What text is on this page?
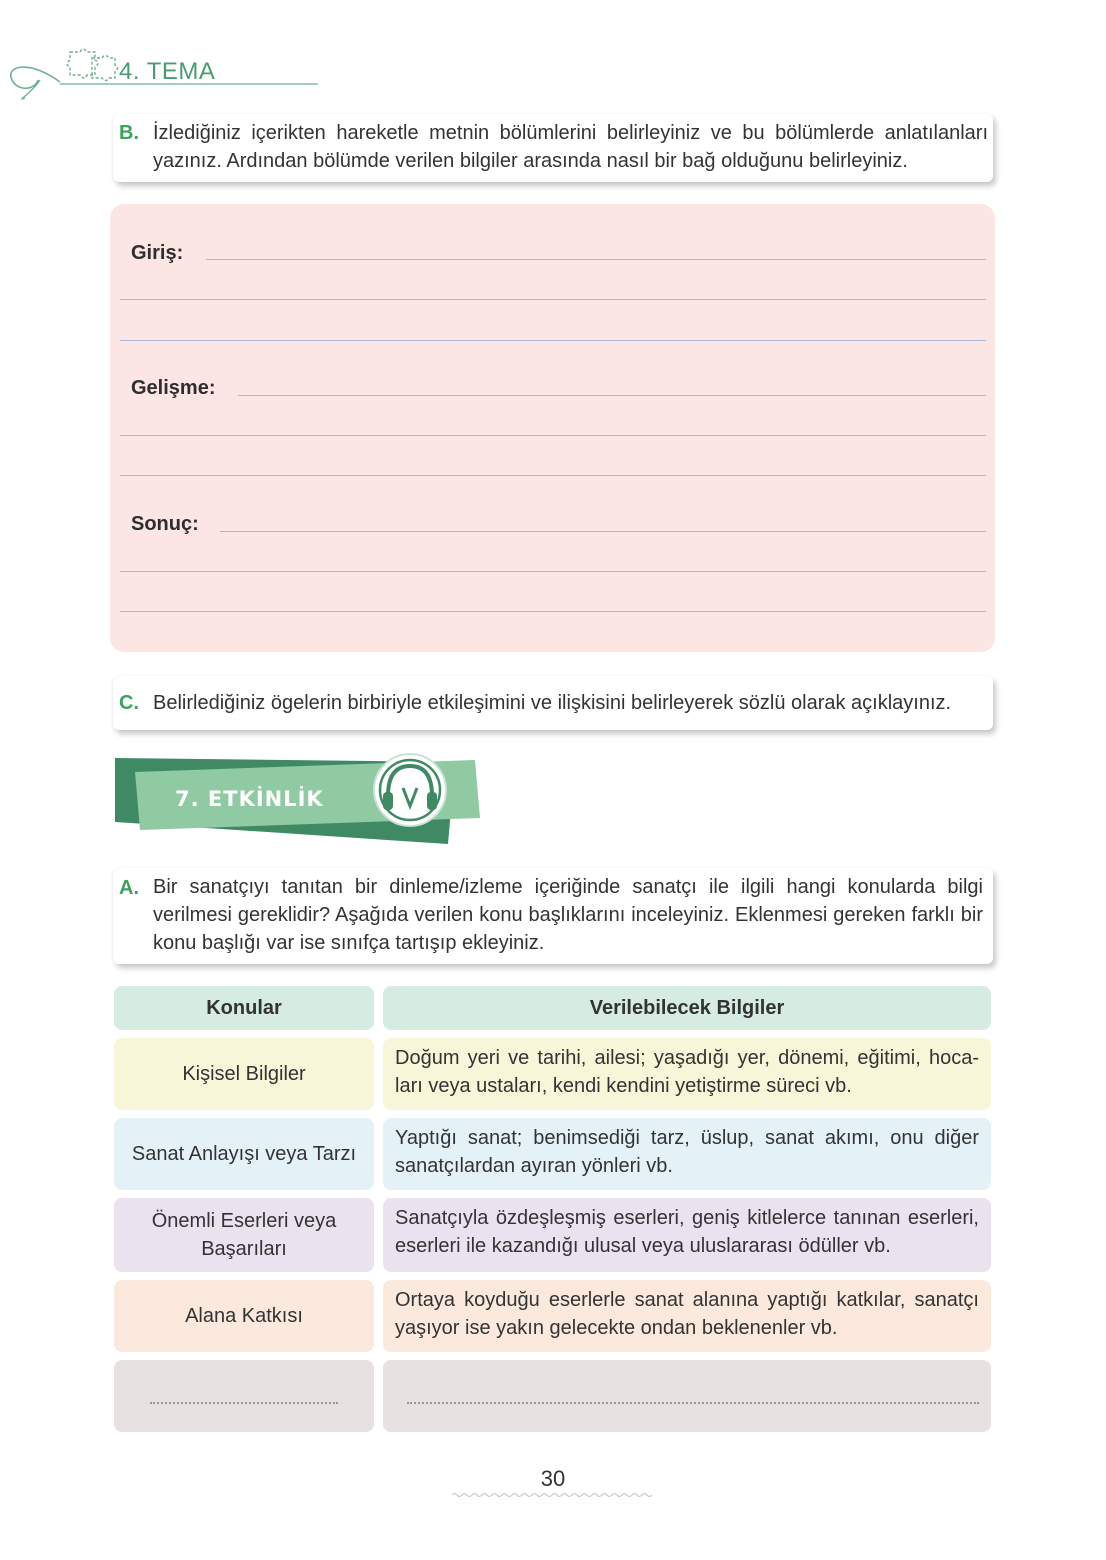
4. TEMA
B. İzlediğiniz içerikten hareketle metnin bölümlerini belirleyiniz ve bu bölümlerde anlatılanları yazınız. Ardından bölümde verilen bilgiler arasında nasıl bir bağ olduğunu belirleyiniz.
Giriş:
Gelişme:
Sonuç:
C. Belirlediğiniz ögelerin birbiriyle etkileşimini ve ilişkisini belirleyerek sözlü olarak açıklayınız.
7. ETKİNLİK
A. Bir sanatçıyı tanıtan bir dinleme/izleme içeriğinde sanatçı ile ilgili hangi konularda bilgi verilmesi gereklidir? Aşağıda verilen konu başlıklarını inceleyiniz. Eklenmesi gereken farklı bir konu başlığı var ise sınıfça tartışıp ekleyiniz.
Konular	Verilebilecek Bilgiler
Kişisel Bilgiler
Doğum yeri ve tarihi, ailesi; yaşadığı yer, dönemi, eğitimi, hoca-ları veya ustaları, kendi kendini yetiştirme süreci vb.
Sanat Anlayışı veya Tarzı
Yaptığı sanat; benimsediği tarz, üslup, sanat akımı, onu diğer sanatçılardan ayıran yönleri vb.
Önemli Eserleri veya Başarıları
Sanatçıyla özdeşleşmiş eserleri, geniş kitlelerce tanınan eserleri, eserleri ile kazandığı ulusal veya uluslararası ödüller vb.
Alana Katkısı
Ortaya koyduğu eserlerle sanat alanına yaptığı katkılar, sanatçı yaşıyor ise yakın gelecekte ondan beklenenler vb.
30
